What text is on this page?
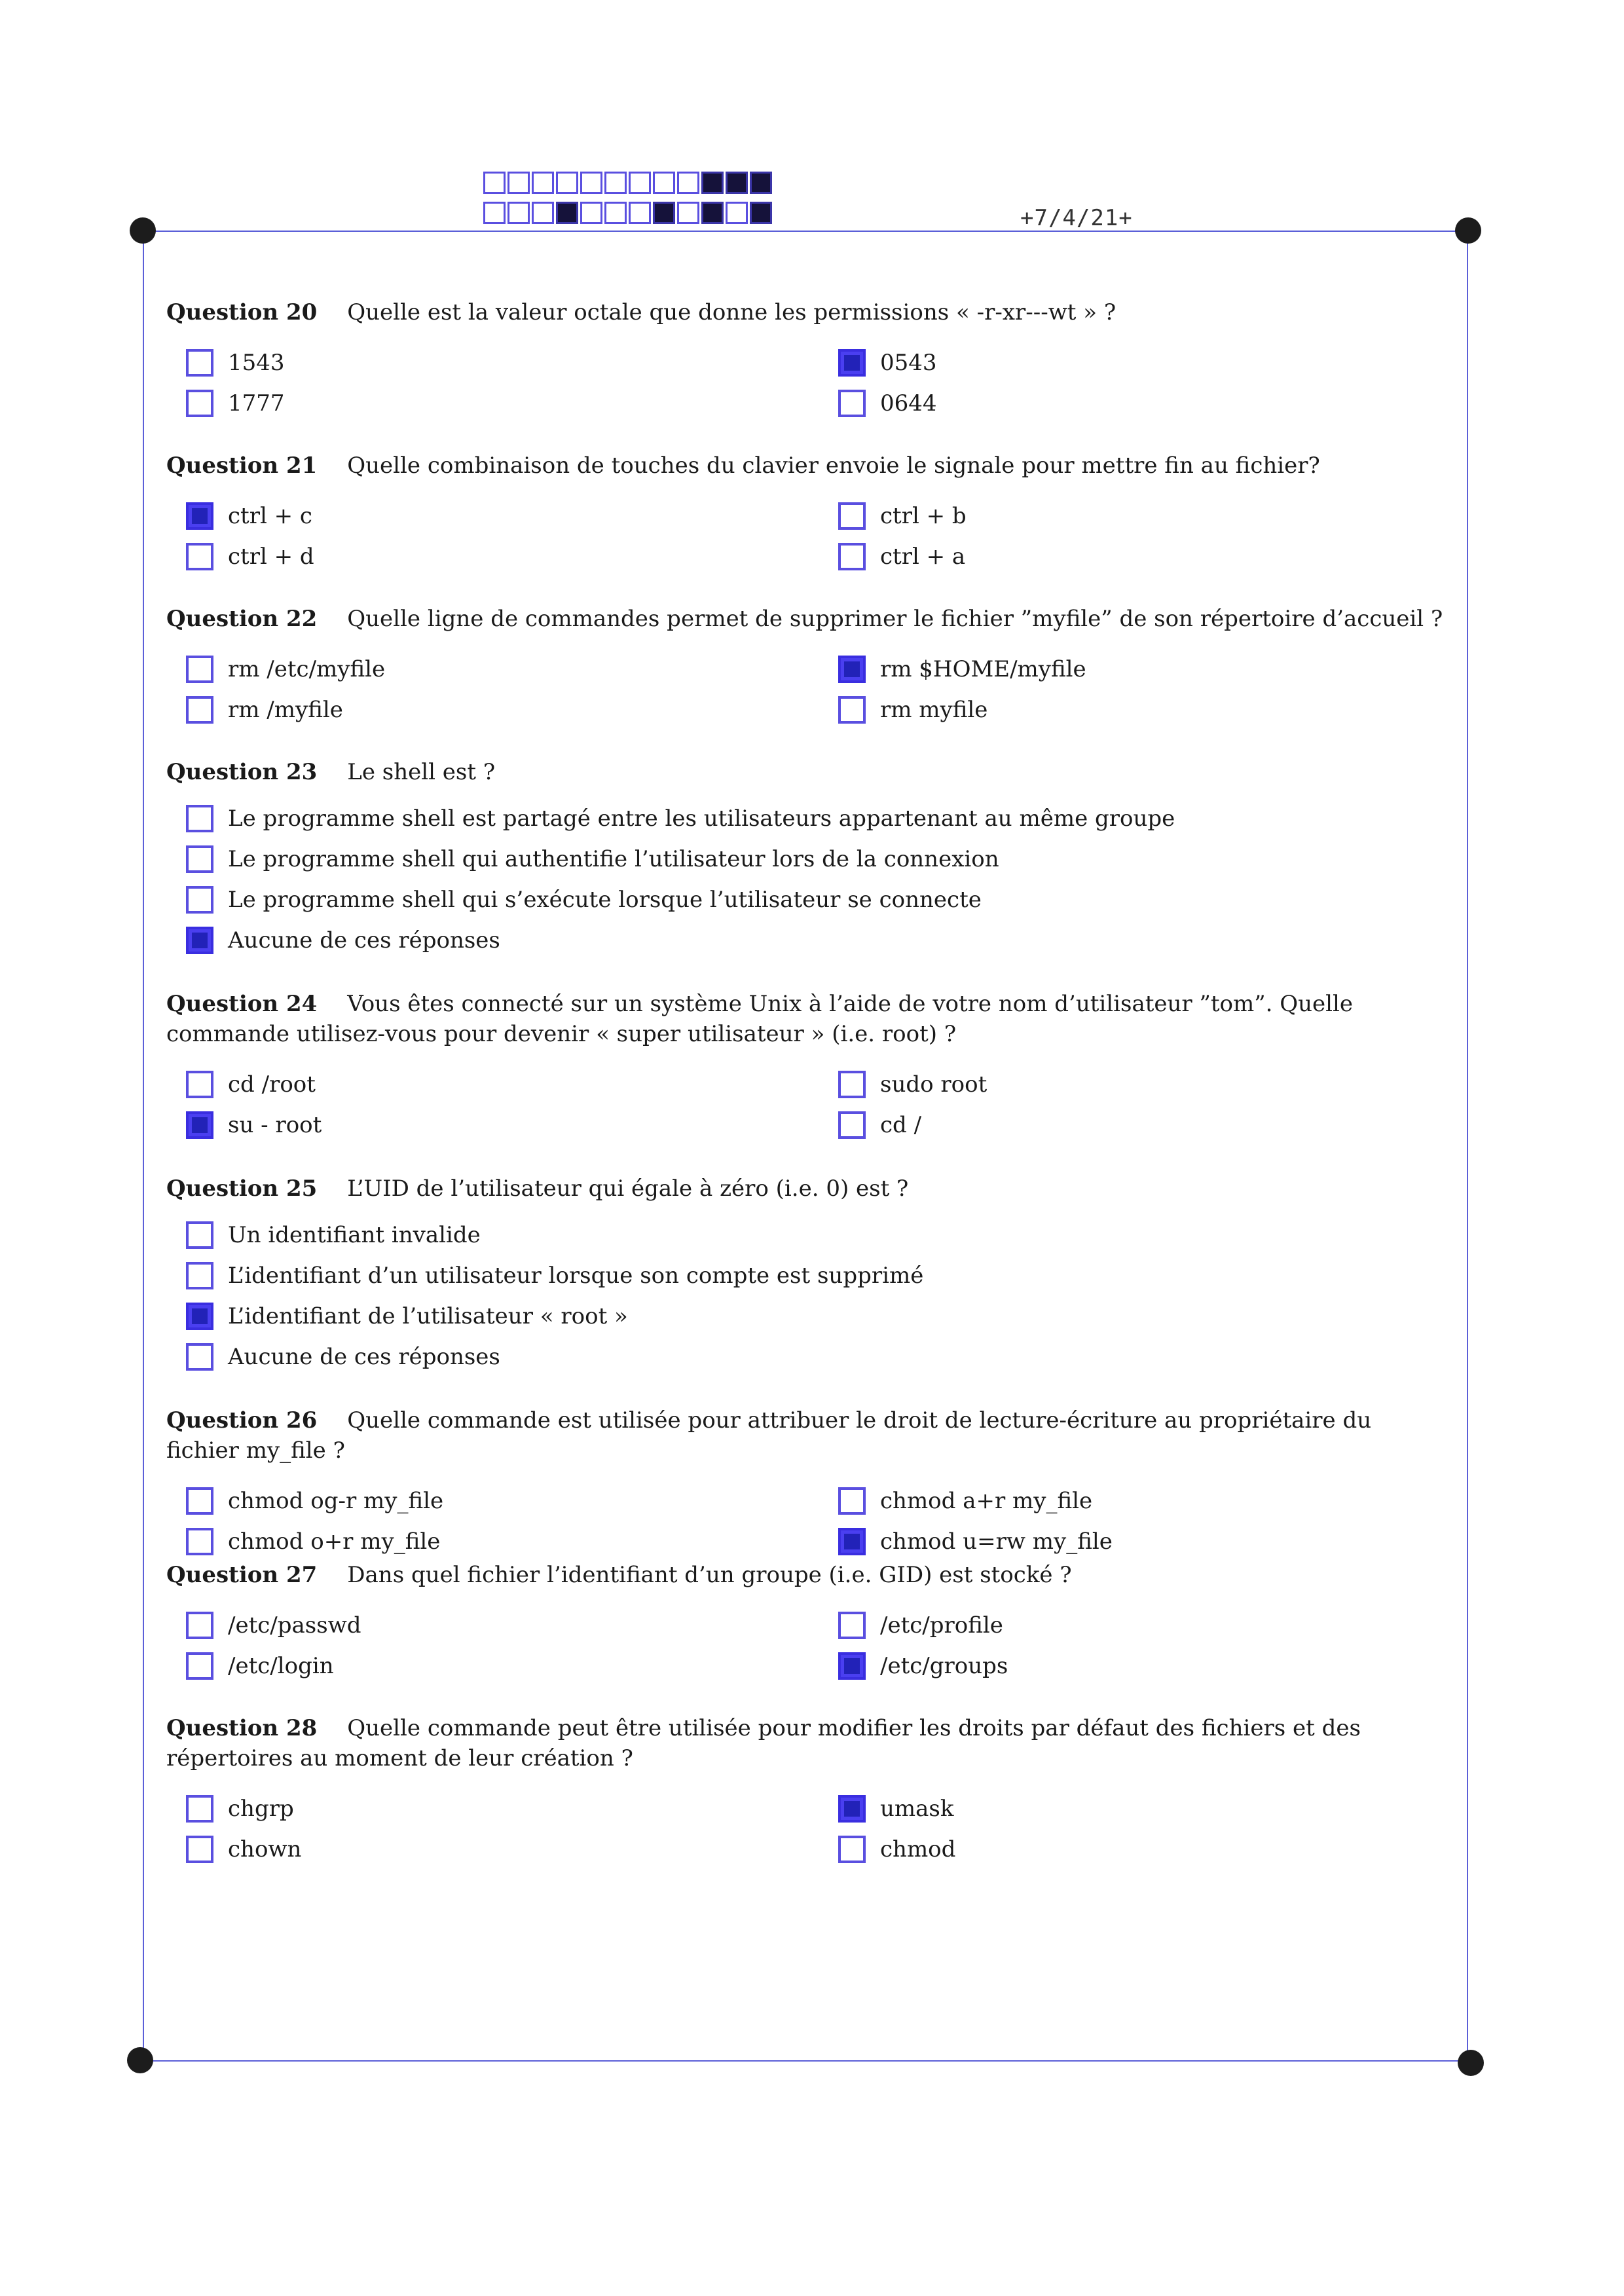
+7/4/21+

Question 20 Quelle est la valeur octale que donne les permissions « -r-xr---wt » ?

1543	0543
1777	0644

Question 21 Quelle combinaison de touches du clavier envoie le signale pour mettre fin au fichier?

ctrl + c	ctrl + b
ctrl + d	ctrl + a

Question 22 Quelle ligne de commandes permet de supprimer le fichier ”myfile” de son répertoire d’accueil ?

rm /etc/myfile	rm $HOME/myfile
rm /myfile	rm myfile

Question 23 Le shell est ?

Le programme shell est partagé entre les utilisateurs appartenant au même groupe
Le programme shell qui authentifie l’utilisateur lors de la connexion
Le programme shell qui s’exécute lorsque l’utilisateur se connecte
Aucune de ces réponses

Question 24 Vous êtes connecté sur un système Unix à l’aide de votre nom d’utilisateur ”tom”. Quelle commande utilisez-vous pour devenir « super utilisateur » (i.e. root) ?

cd /root	sudo root
su - root	cd /

Question 25 L’UID de l’utilisateur qui égale à zéro (i.e. 0) est ?

Un identifiant invalide
L’identifiant d’un utilisateur lorsque son compte est supprimé
L’identifiant de l’utilisateur « root »
Aucune de ces réponses

Question 26 Quelle commande est utilisée pour attribuer le droit de lecture-écriture au propriétaire du fichier my_file ?

chmod og-r my_file	chmod a+r my_file
chmod o+r my_file	chmod u=rw my_file

Question 27 Dans quel fichier l’identifiant d’un groupe (i.e. GID) est stocké ?

/etc/passwd	/etc/profile
/etc/login	/etc/groups

Question 28 Quelle commande peut être utilisée pour modifier les droits par défaut des fichiers et des répertoires au moment de leur création ?

chgrp	umask
chown	chmod
